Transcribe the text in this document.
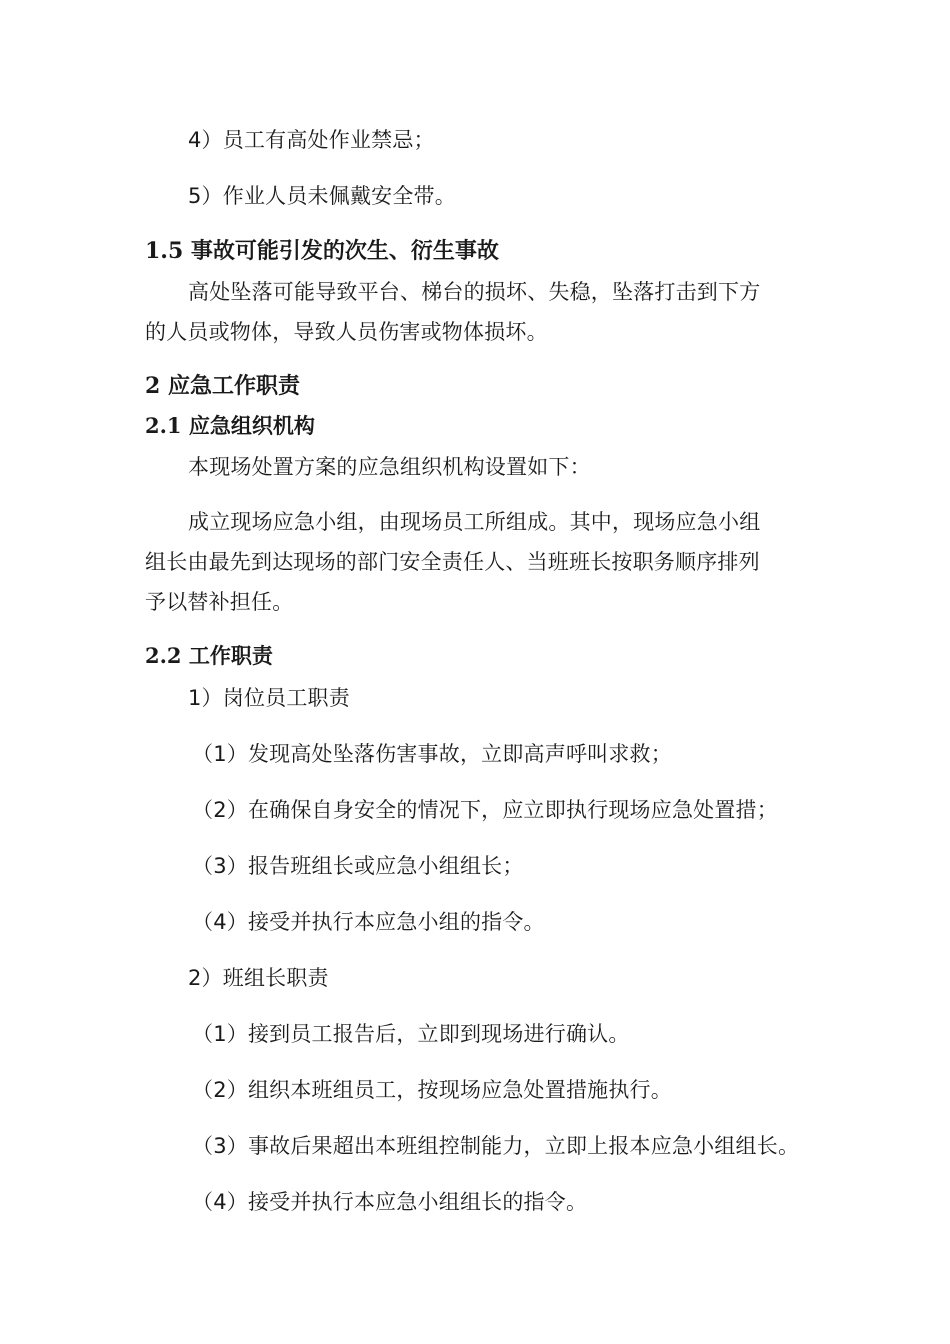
4）员工有高处作业禁忌；
5）作业人员未佩戴安全带。
1.5 事故可能引发的次生、衍生事故
高处坠落可能导致平台、梯台的损坏、失稳，坠落打击到下方
的人员或物体，导致人员伤害或物体损坏。
2 应急工作职责
2.1 应急组织机构
本现场处置方案的应急组织机构设置如下：
成立现场应急小组，由现场员工所组成。其中，现场应急小组
组长由最先到达现场的部门安全责任人、当班班长按职务顺序排列
予以替补担任。
2.2 工作职责
1）岗位员工职责
（1）发现高处坠落伤害事故，立即高声呼叫求救；
（2）在确保自身安全的情况下，应立即执行现场应急处置措；
（3）报告班组长或应急小组组长；
（4）接受并执行本应急小组的指令。
2）班组长职责
（1）接到员工报告后，立即到现场进行确认。
（2）组织本班组员工，按现场应急处置措施执行。
（3）事故后果超出本班组控制能力，立即上报本应急小组组长。
（4）接受并执行本应急小组组长的指令。
